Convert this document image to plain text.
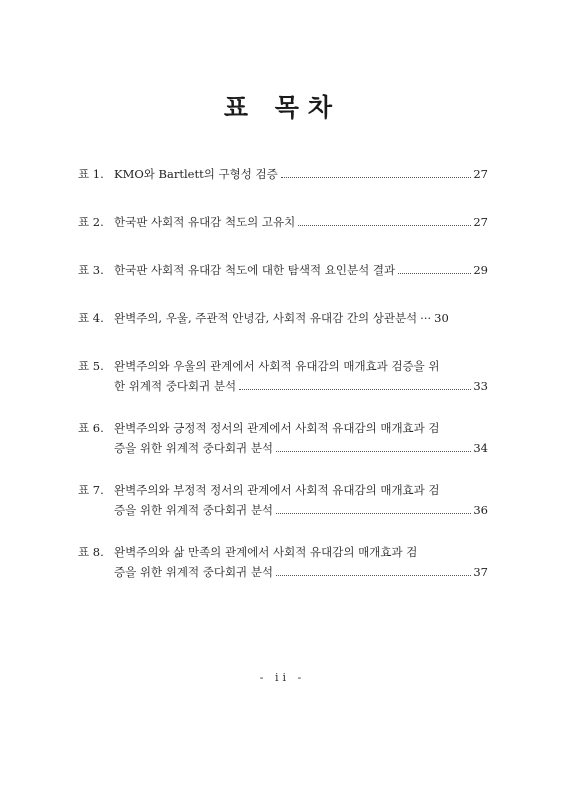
표 목차
표 1. KMO와 Bartlett의 구형성 검증	27
표 2. 한국판 사회적 유대감 척도의 고유치	27
표 3. 한국판 사회적 유대감 척도에 대한 탐색적 요인분석 결과	29
표 4. 완벽주의, 우울, 주관적 안녕감, 사회적 유대감 간의 상관분석 ··· 30
표 5. 완벽주의와 우울의 관계에서 사회적 유대감의 매개효과 검증을 위
한 위계적 중다회귀 분석	33
표 6. 완벽주의와 긍정적 정서의 관계에서 사회적 유대감의 매개효과 검
증을 위한 위계적 중다회귀 분석	34
표 7. 완벽주의와 부정적 정서의 관계에서 사회적 유대감의 매개효과 검
증을 위한 위계적 중다회귀 분석	36
표 8. 완벽주의와 삶 만족의 관계에서 사회적 유대감의 매개효과 검
증을 위한 위계적 중다회귀 분석	37
- ii -
